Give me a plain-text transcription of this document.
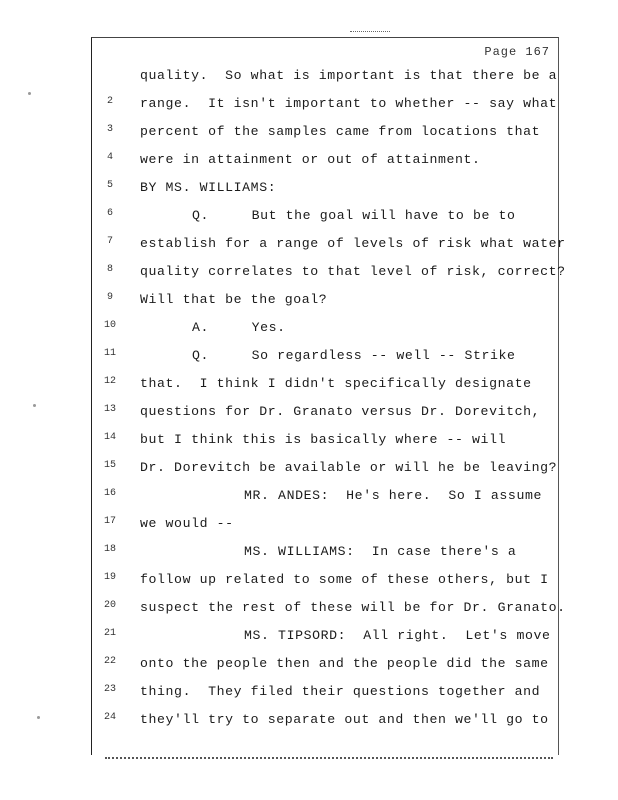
Page 167
quality.  So what is important is that there be a
2	range.  It isn't important to whether -- say what
3	percent of the samples came from locations that
4	were in attainment or out of attainment.
5	BY MS. WILLIAMS:
6	Q.     But the goal will have to be to
7	establish for a range of levels of risk what water
8	quality correlates to that level of risk, correct?
9	Will that be the goal?
10	A.     Yes.
11	Q.     So regardless -- well -- Strike
12	that.  I think I didn't specifically designate
13	questions for Dr. Granato versus Dr. Dorevitch,
14	but I think this is basically where -- will
15	Dr. Dorevitch be available or will he be leaving?
16	MR. ANDES:  He's here.  So I assume
17	we would --
18	MS. WILLIAMS:  In case there's a
19	follow up related to some of these others, but I
20	suspect the rest of these will be for Dr. Granato.
21	MS. TIPSORD:  All right.  Let's move
22	onto the people then and the people did the same
23	thing.  They filed their questions together and
24	they'll try to separate out and then we'll go to
